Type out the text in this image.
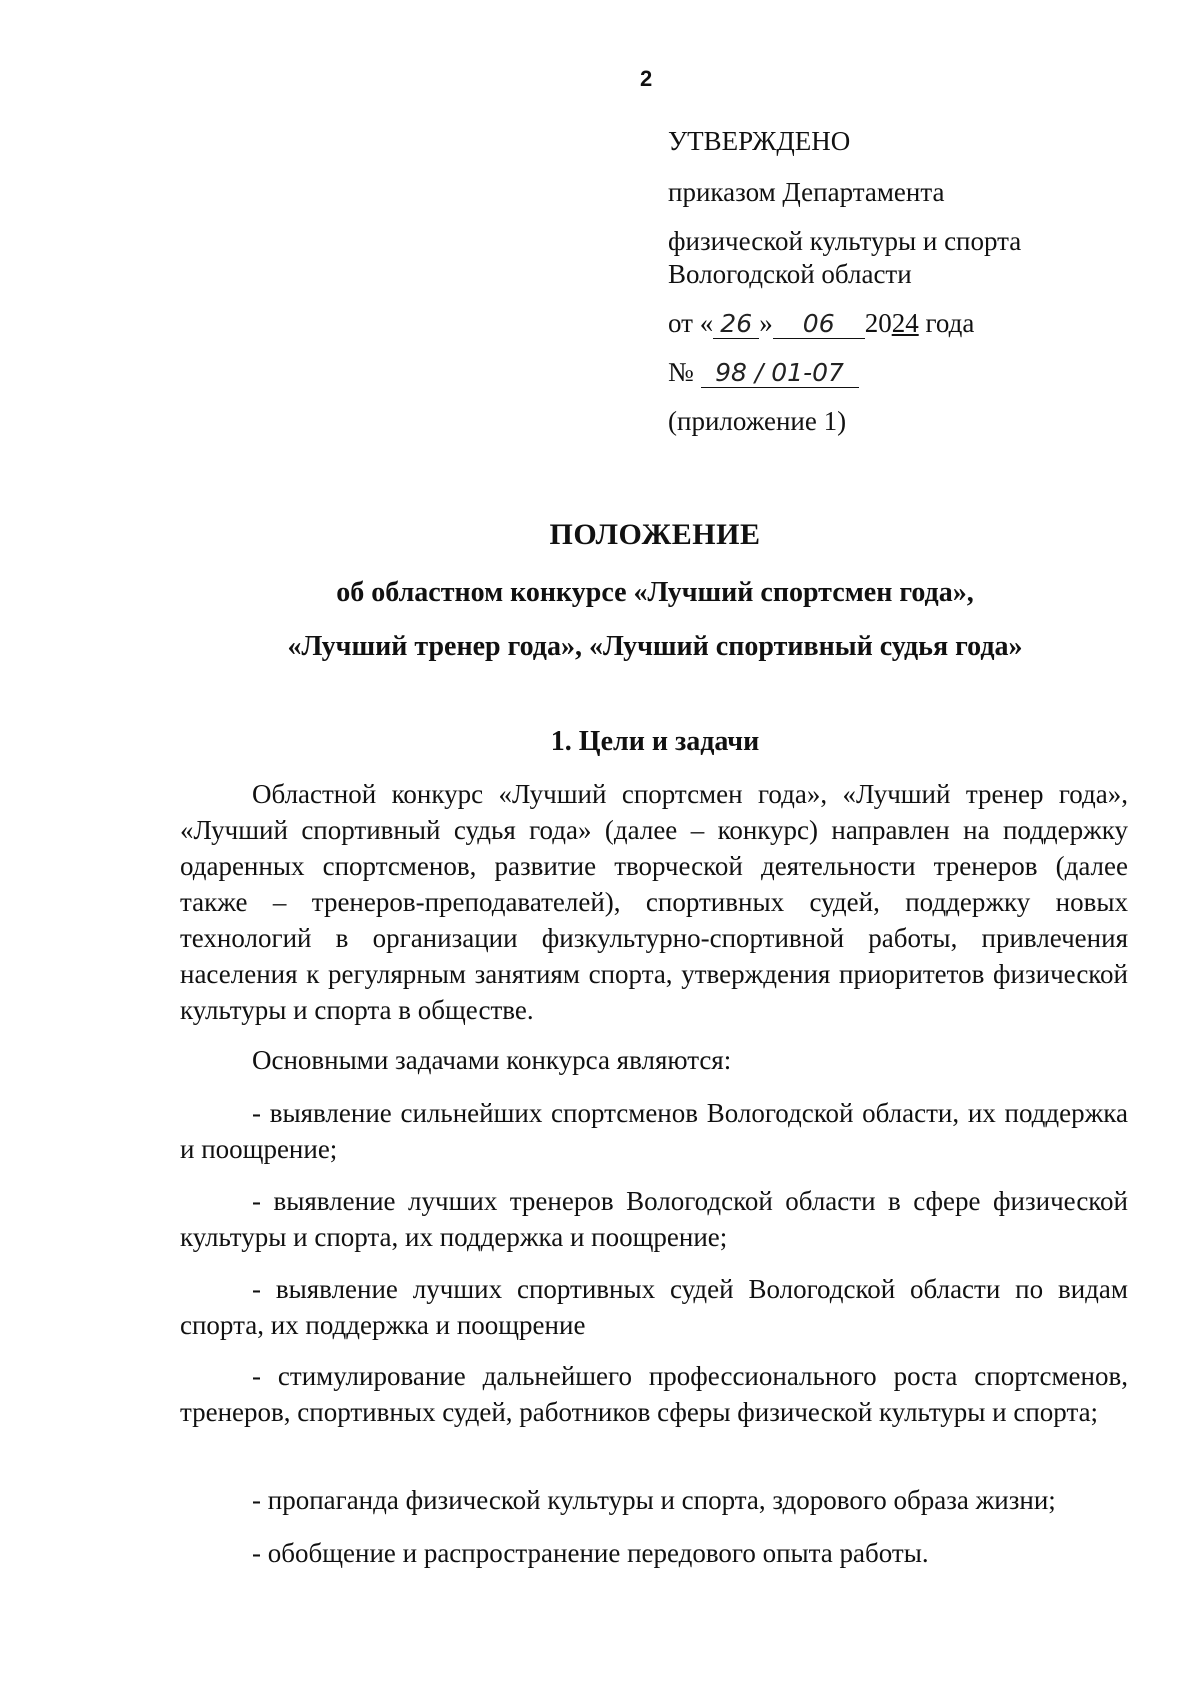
2
УТВЕРЖДЕНО
приказом Департамента
физической культуры и спорта
Вологодской области
от « 26 » 06 2024 года
№ 98 / 01-07
(приложение 1)
ПОЛОЖЕНИЕ
об областном конкурсе «Лучший спортсмен года»,
«Лучший тренер года», «Лучший спортивный судья года»
1. Цели и задачи

Областной конкурс «Лучший спортсмен года», «Лучший тренер года», «Лучший спортивный судья года» (далее – конкурс) направлен на поддержку одаренных спортсменов, развитие творческой деятельности тренеров (далее также – тренеров-преподавателей), спортивных судей, поддержку новых технологий в организации физкультурно-спортивной работы, привлечения населения к регулярным занятиям спорта, утверждения приоритетов физической культуры и спорта в обществе.

Основными задачами конкурса являются:

- выявление сильнейших спортсменов Вологодской области, их поддержка и поощрение;

- выявление лучших тренеров Вологодской области в сфере физической культуры и спорта, их поддержка и поощрение;

- выявление лучших спортивных судей Вологодской области по видам спорта, их поддержка и поощрение

- стимулирование дальнейшего профессионального роста спортсменов, тренеров, спортивных судей, работников сферы физической культуры и спорта;

- пропаганда физической культуры и спорта, здорового образа жизни;

- обобщение и распространение передового опыта работы.
